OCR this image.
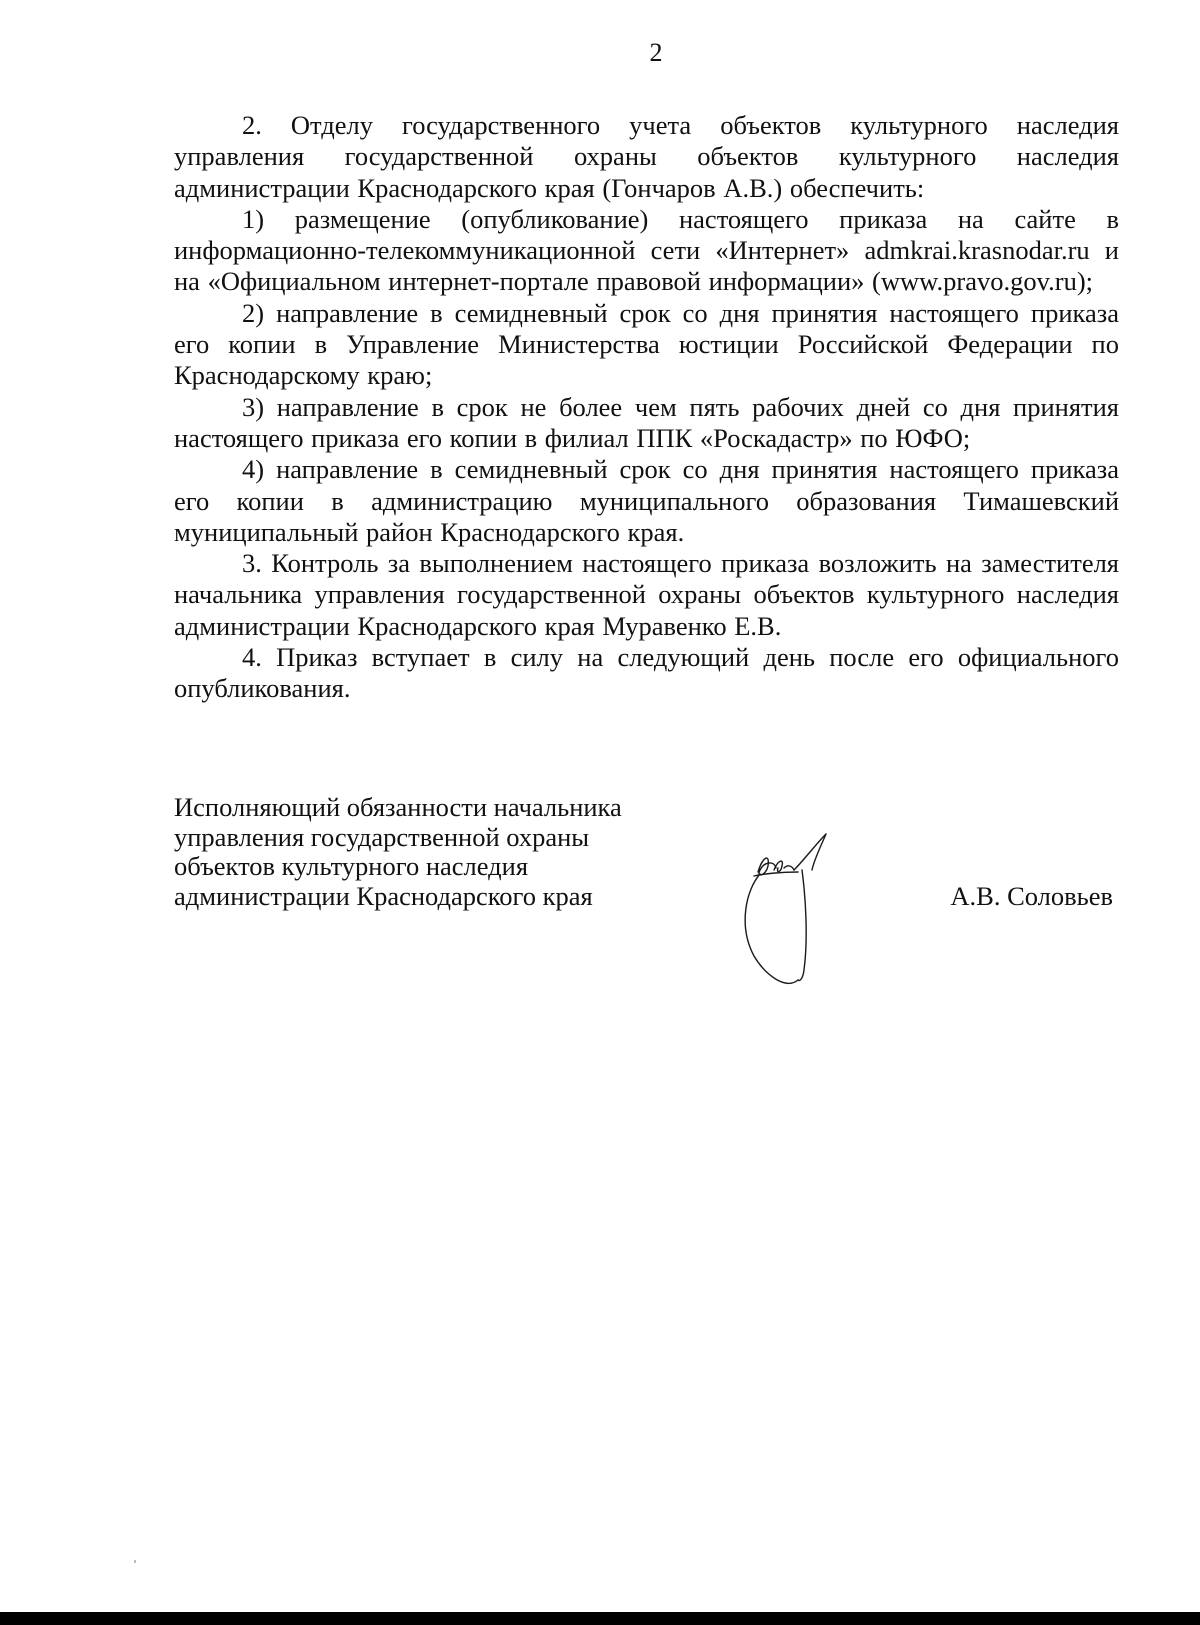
2

2. Отделу государственного учета объектов культурного наследия управления государственной охраны объектов культурного наследия администрации Краснодарского края (Гончаров А.В.) обеспечить:

1) размещение (опубликование) настоящего приказа на сайте в информационно-телекоммуникационной сети «Интернет» admkrai.krasnodar.ru и на «Официальном интернет-портале правовой информации» (www.pravo.gov.ru);

2) направление в семидневный срок со дня принятия настоящего приказа его копии в Управление Министерства юстиции Российской Федерации по Краснодарскому краю;

3) направление в срок не более чем пять рабочих дней со дня принятия настоящего приказа его копии в филиал ППК «Роскадастр» по ЮФО;

4) направление в семидневный срок со дня принятия настоящего приказа его копии в администрацию муниципального образования Тимашевский муниципальный район Краснодарского края.

3. Контроль за выполнением настоящего приказа возложить на заместителя начальника управления государственной охраны объектов культурного наследия администрации Краснодарского края Муравенко Е.В.

4. Приказ вступает в силу на следующий день после его официального опубликования.

Исполняющий обязанности начальника
управления государственной охраны
объектов культурного наследия
администрации Краснодарского края	А.В. Соловьев
